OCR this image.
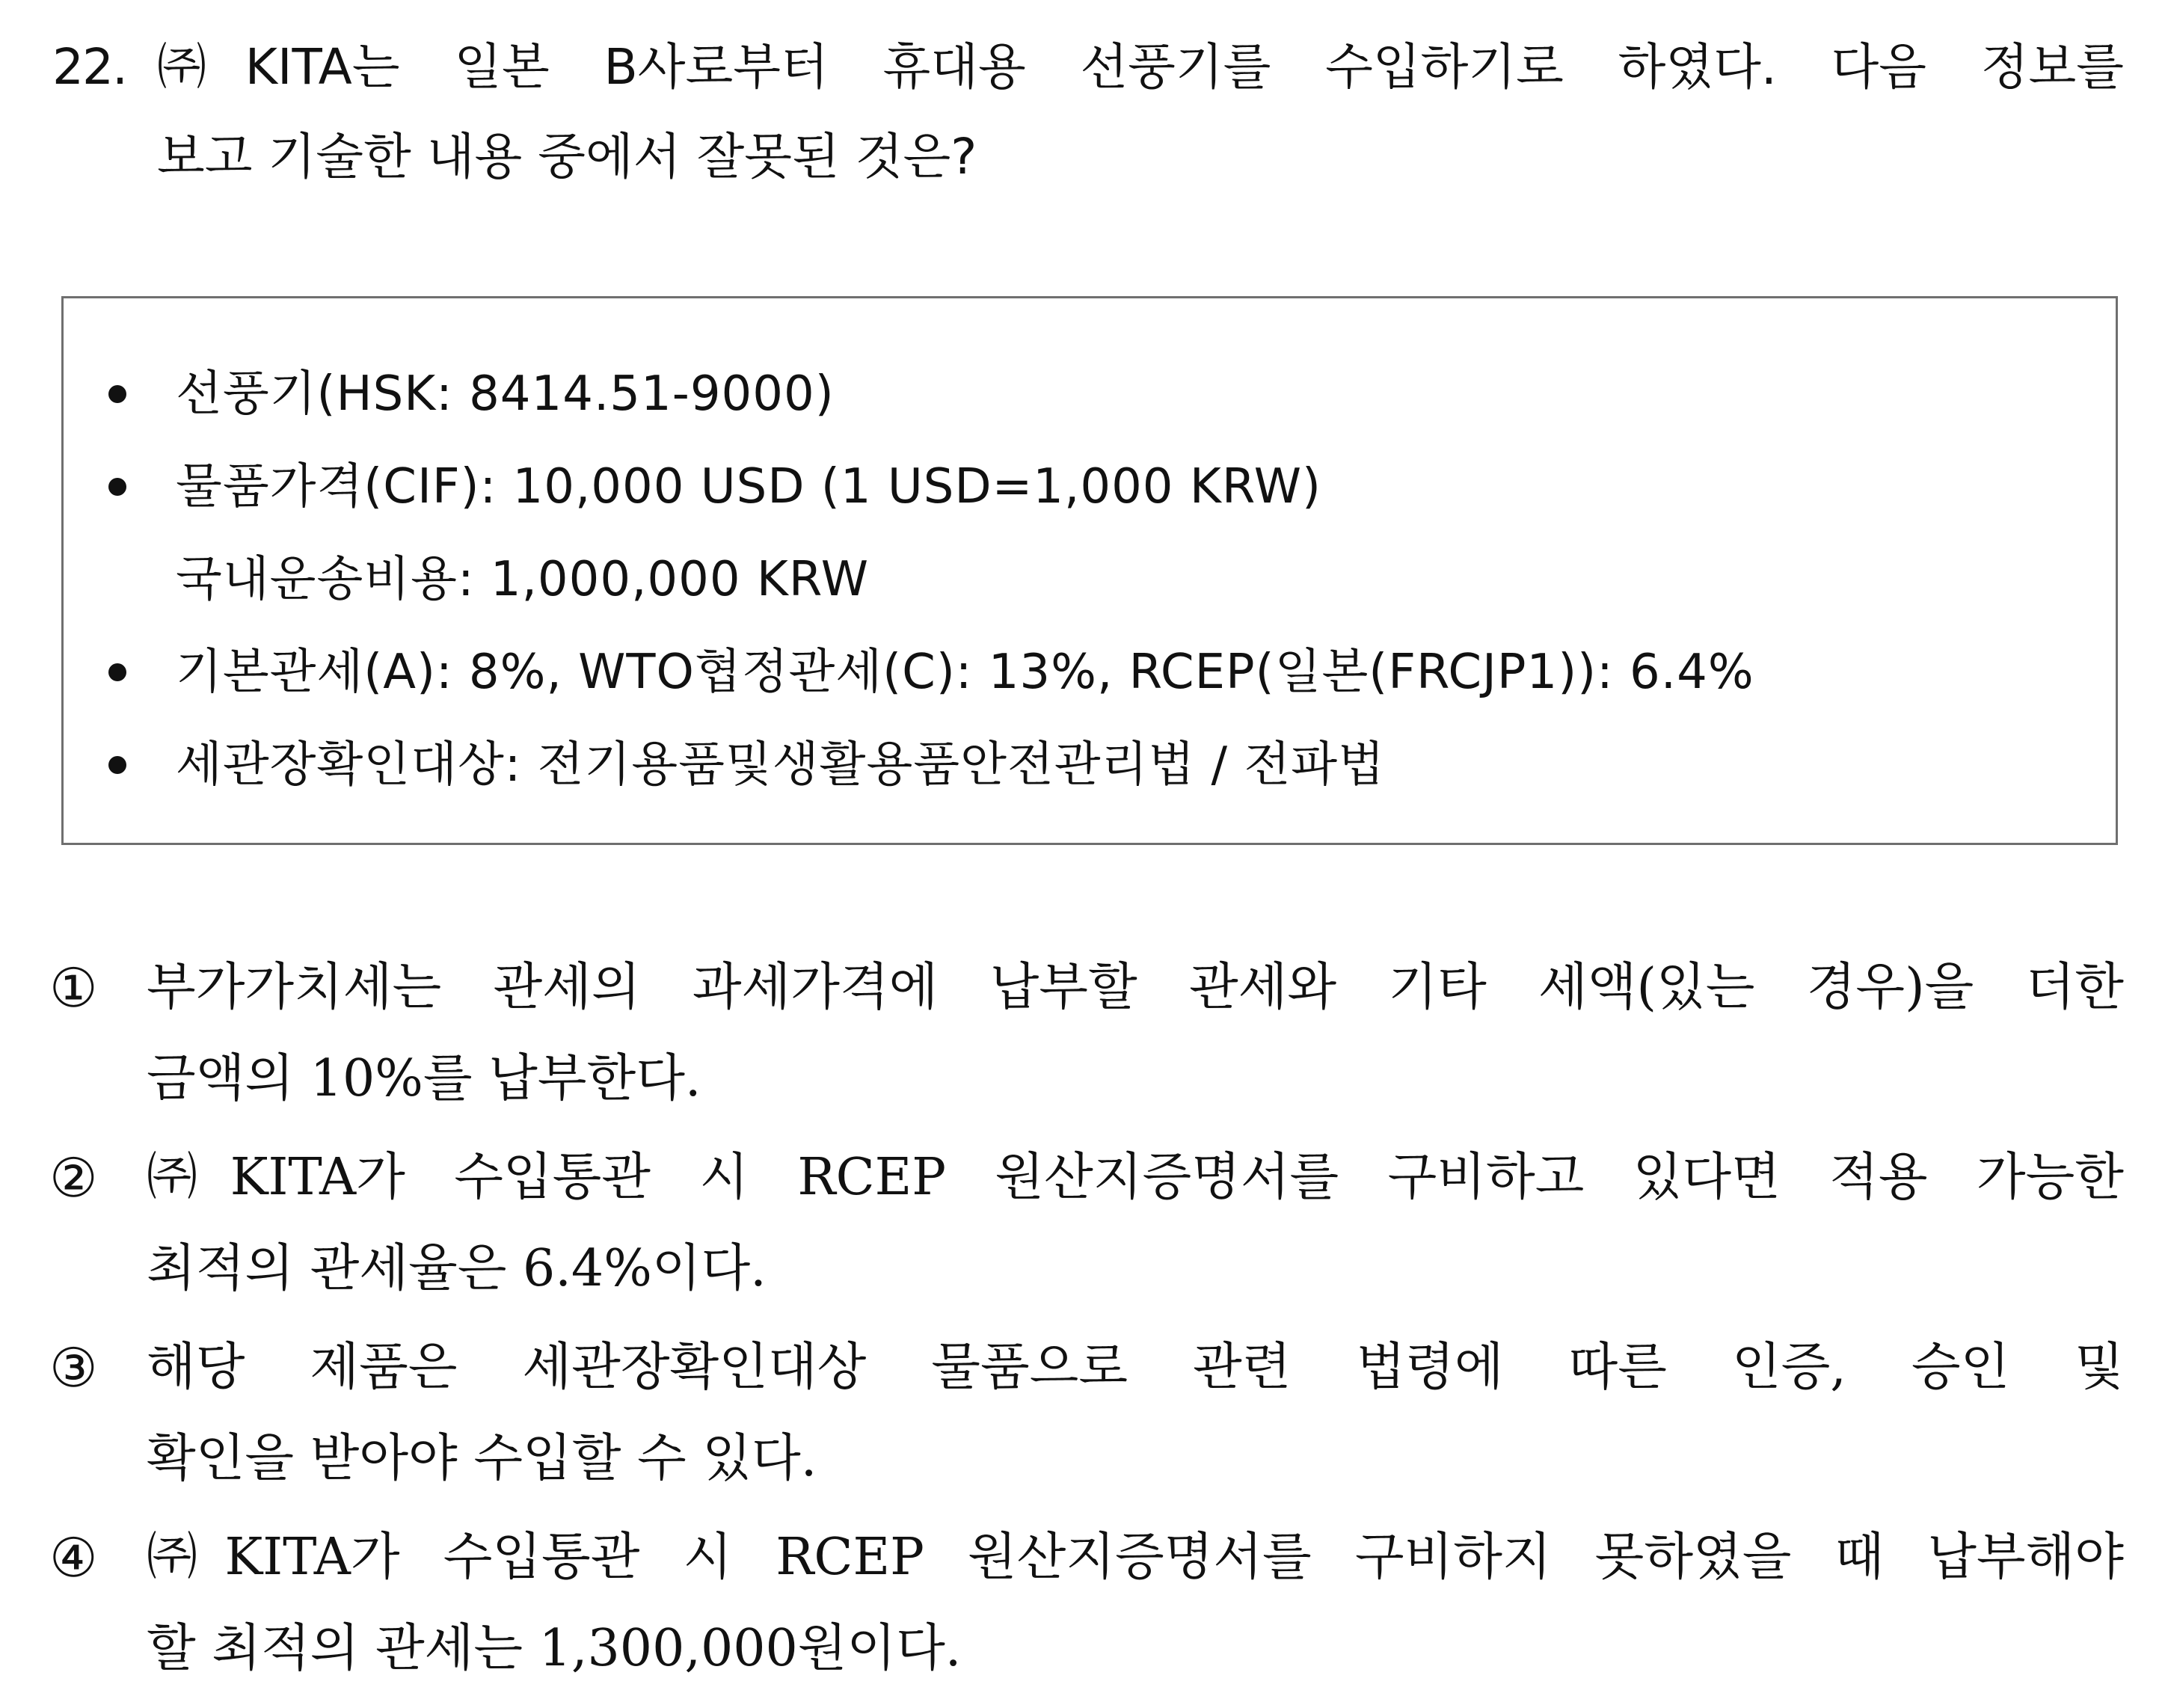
22. ㈜KITA는 일본 B사로부터 휴대용 선풍기를 수입하기로 하였다. 다음 정보를
보고 기술한 내용 중에서 잘못된 것은?
선풍기(HSK: 8414.51-9000)
물품가격(CIF): 10,000 USD (1 USD=1,000 KRW)
국내운송비용: 1,000,000 KRW
기본관세(A): 8%, WTO협정관세(C): 13%, RCEP(일본(FRCJP1)): 6.4%
세관장확인대상: 전기용품및생활용품안전관리법 / 전파법
① 부가가치세는 관세의 과세가격에 납부할 관세와 기타 세액(있는 경우)을 더한
금액의 10%를 납부한다.
② ㈜KITA가 수입통관 시 RCEP 원산지증명서를 구비하고 있다면 적용 가능한
최적의 관세율은 6.4%이다.
③ 해당 제품은 세관장확인대상 물품으로 관련 법령에 따른 인증, 승인 및
확인을 받아야 수입할 수 있다.
④ ㈜KITA가 수입통관 시 RCEP 원산지증명서를 구비하지 못하였을 때 납부해야
할 최적의 관세는 1,300,000원이다.
